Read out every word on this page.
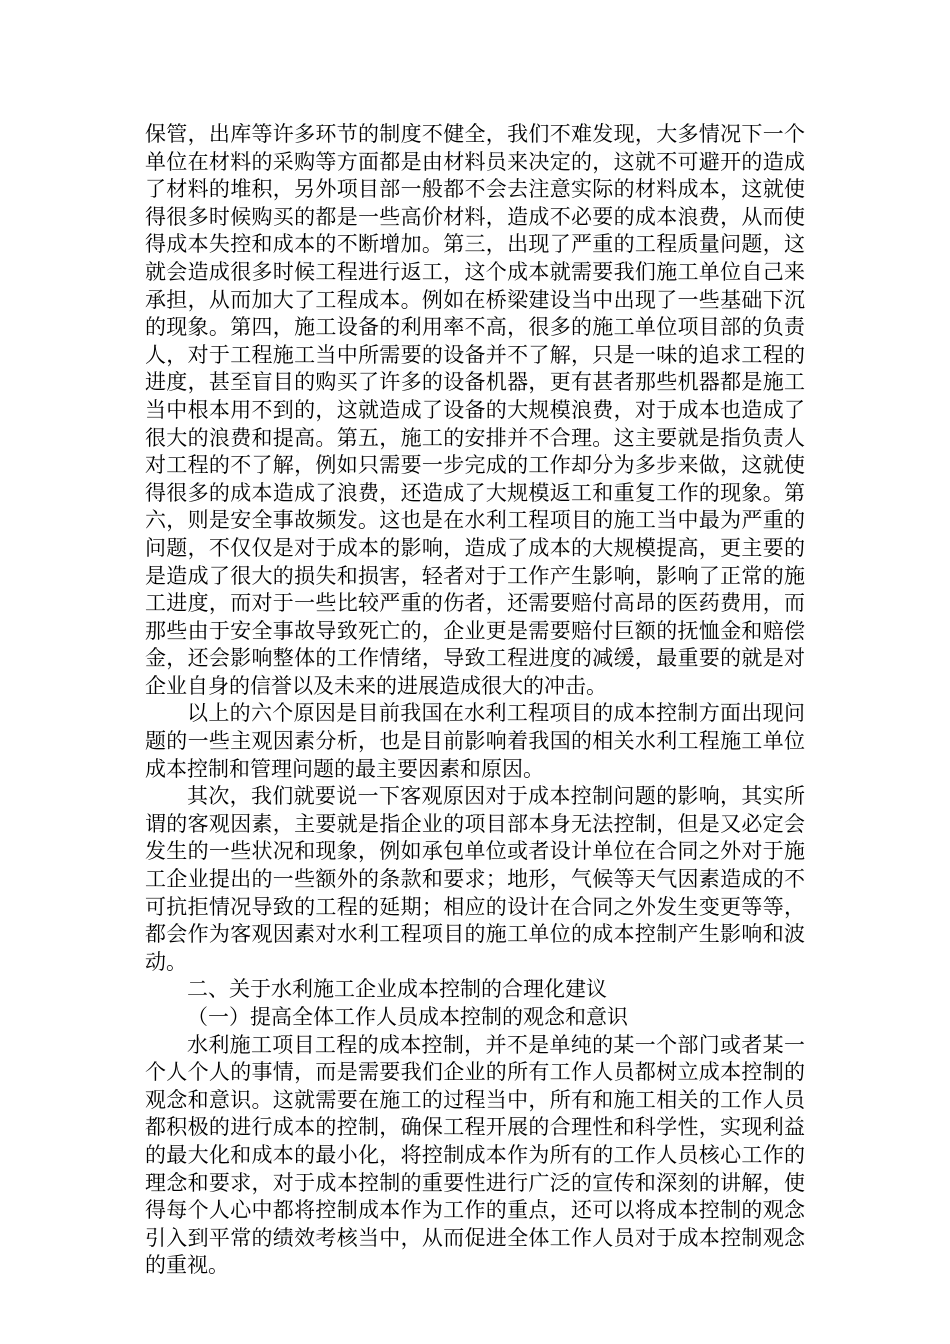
保管，出库等许多环节的制度不健全，我们不难发现，大多情况下一个单位在材料的采购等方面都是由材料员来决定的，这就不可避开的造成了材料的堆积，另外项目部一般都不会去注意实际的材料成本，这就使得很多时候购买的都是一些高价材料，造成不必要的成本浪费，从而使得成本失控和成本的不断增加。第三，出现了严重的工程质量问题，这就会造成很多时候工程进行返工，这个成本就需要我们施工单位自己来承担，从而加大了工程成本。例如在桥梁建设当中出现了一些基础下沉的现象。第四，施工设备的利用率不高，很多的施工单位项目部的负责人，对于工程施工当中所需要的设备并不了解，只是一味的追求工程的进度，甚至盲目的购买了许多的设备机器，更有甚者那些机器都是施工当中根本用不到的，这就造成了设备的大规模浪费，对于成本也造成了很大的浪费和提高。第五，施工的安排并不合理。这主要就是指负责人对工程的不了解，例如只需要一步完成的工作却分为多步来做，这就使得很多的成本造成了浪费，还造成了大规模返工和重复工作的现象。第六，则是安全事故频发。这也是在水利工程项目的施工当中最为严重的问题，不仅仅是对于成本的影响，造成了成本的大规模提高，更主要的是造成了很大的损失和损害，轻者对于工作产生影响，影响了正常的施工进度，而对于一些比较严重的伤者，还需要赔付高昂的医药费用，而那些由于安全事故导致死亡的，企业更是需要赔付巨额的抚恤金和赔偿金，还会影响整体的工作情绪，导致工程进度的减缓，最重要的就是对企业自身的信誉以及未来的进展造成很大的冲击。

以上的六个原因是目前我国在水利工程项目的成本控制方面出现问题的一些主观因素分析，也是目前影响着我国的相关水利工程施工单位成本控制和管理问题的最主要因素和原因。

其次，我们就要说一下客观原因对于成本控制问题的影响，其实所谓的客观因素，主要就是指企业的项目部本身无法控制，但是又必定会发生的一些状况和现象，例如承包单位或者设计单位在合同之外对于施工企业提出的一些额外的条款和要求；地形，气候等天气因素造成的不可抗拒情况导致的工程的延期；相应的设计在合同之外发生变更等等，都会作为客观因素对水利工程项目的施工单位的成本控制产生影响和波动。

二、关于水利施工企业成本控制的合理化建议

（一）提高全体工作人员成本控制的观念和意识

水利施工项目工程的成本控制，并不是单纯的某一个部门或者某一个人个人的事情，而是需要我们企业的所有工作人员都树立成本控制的观念和意识。这就需要在施工的过程当中，所有和施工相关的工作人员都积极的进行成本的控制，确保工程开展的合理性和科学性，实现利益的最大化和成本的最小化，将控制成本作为所有的工作人员核心工作的理念和要求，对于成本控制的重要性进行广泛的宣传和深刻的讲解，使得每个人心中都将控制成本作为工作的重点，还可以将成本控制的观念引入到平常的绩效考核当中，从而促进全体工作人员对于成本控制观念的重视。
